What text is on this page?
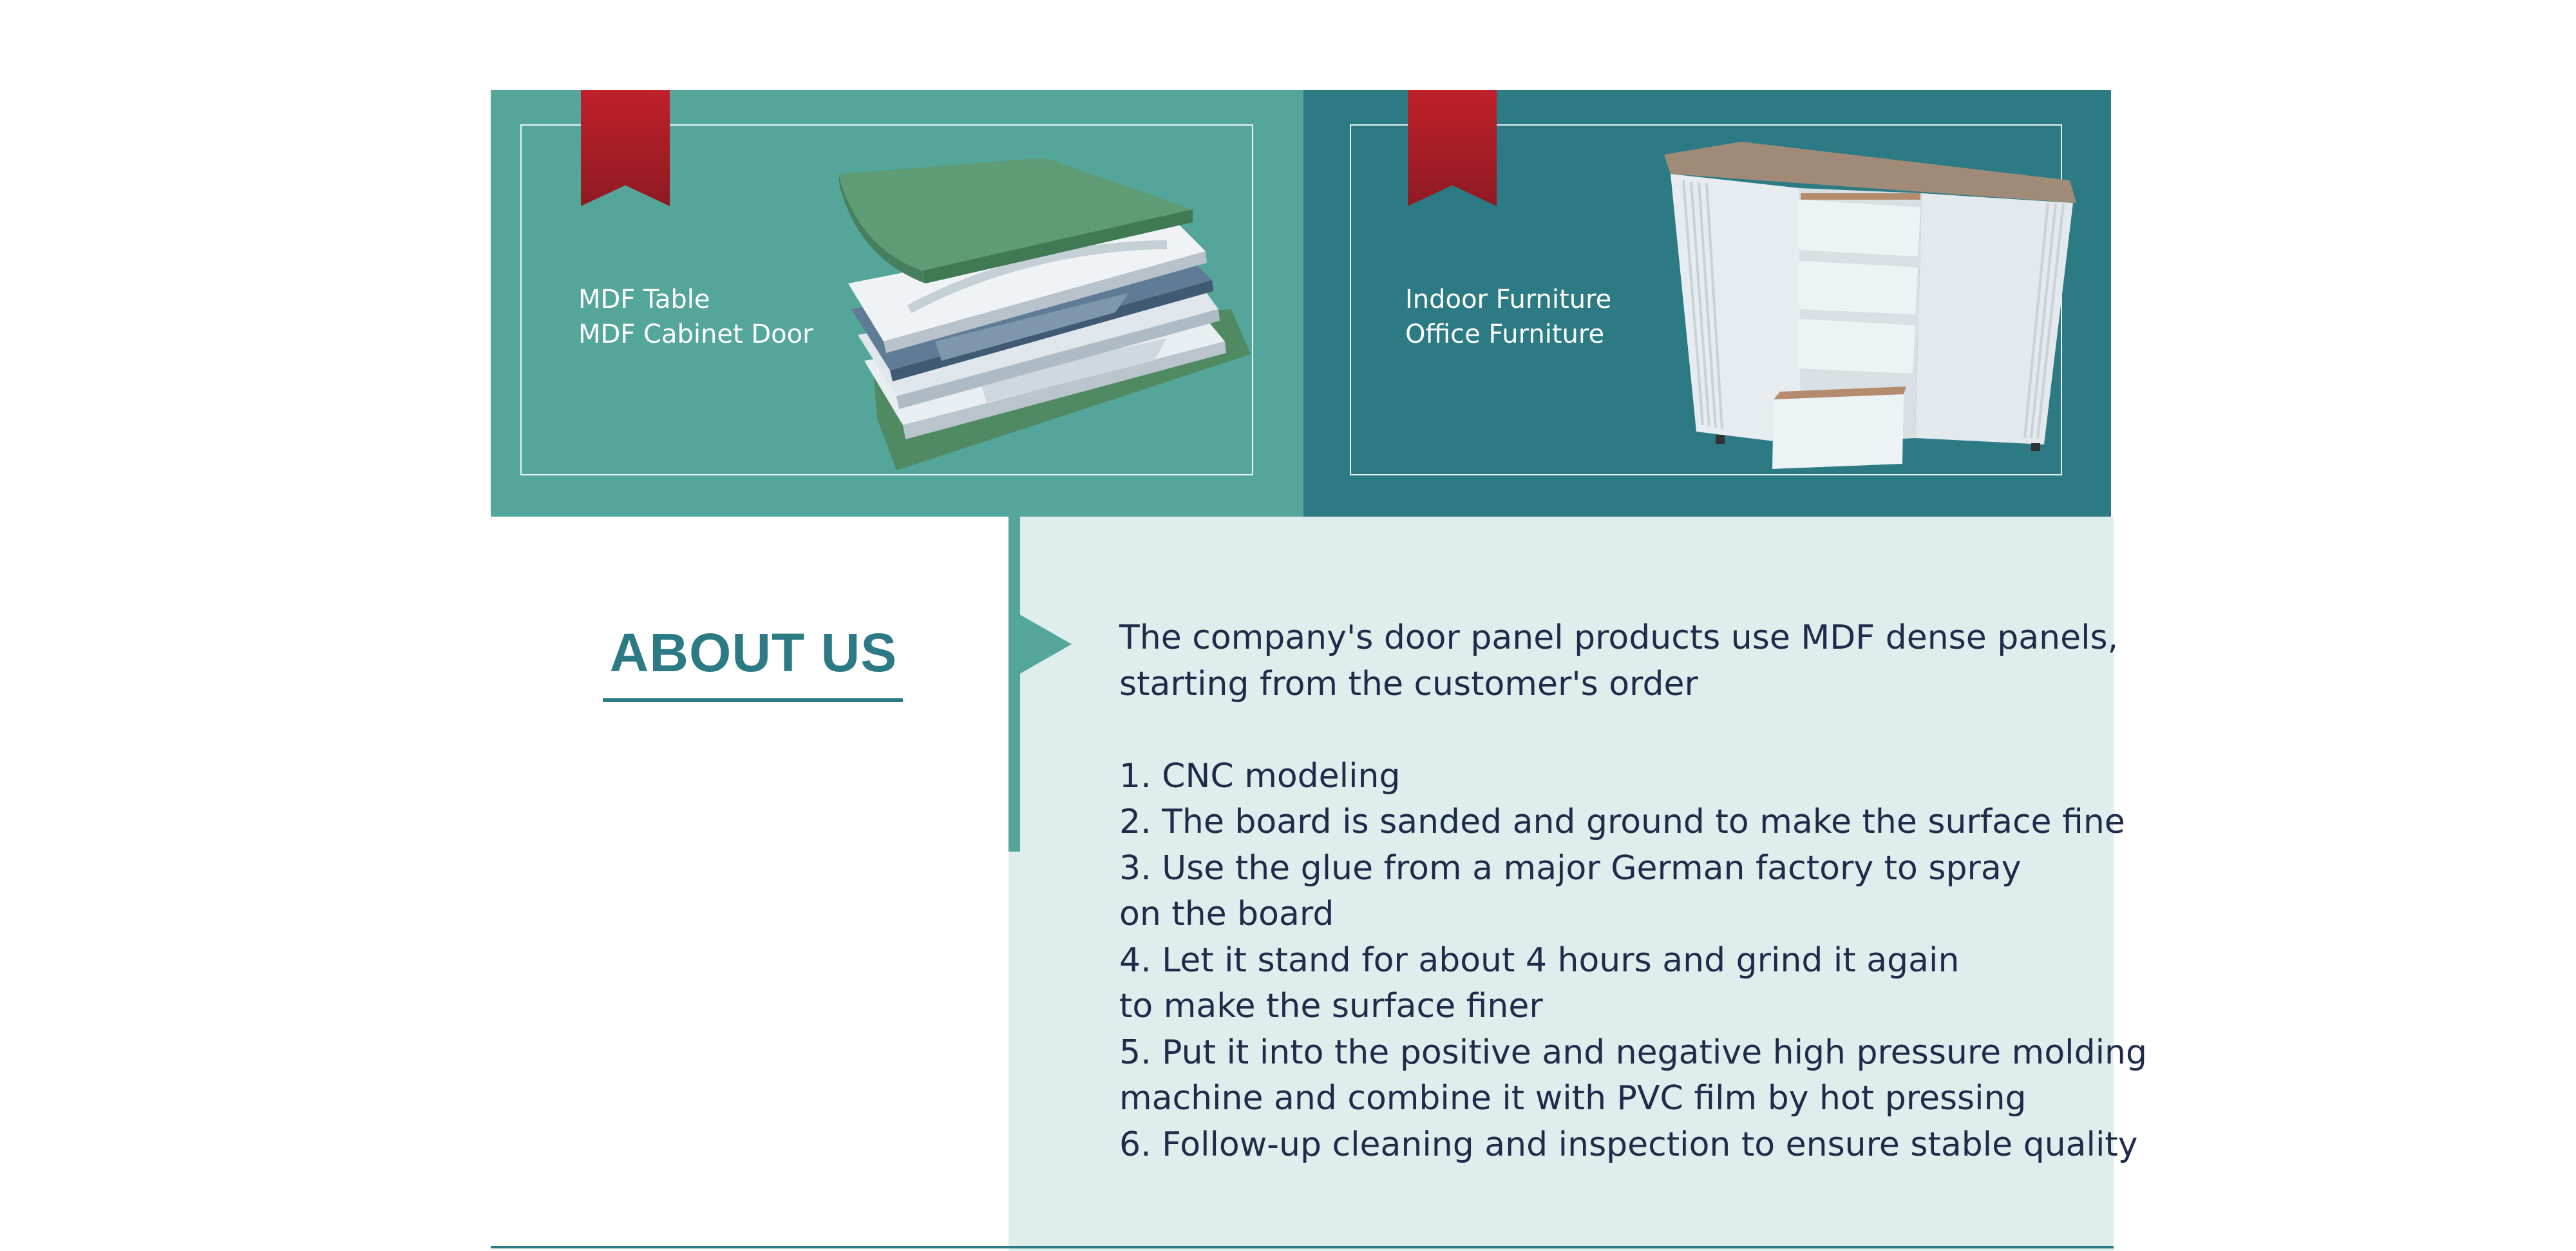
MDF Table
MDF Cabinet Door
Indoor Furniture
Office Furniture
ABOUT US	The company's door panel products use MDF dense panels,
starting from the customer's order
1. CNC modeling
2. The board is sanded and ground to make the surface fine
3. Use the glue from a major German factory to spray
on the board
4. Let it stand for about 4 hours and grind it again
to make the surface finer
5. Put it into the positive and negative high pressure molding
machine and combine it with PVC film by hot pressing
6. Follow-up cleaning and inspection to ensure stable quality
